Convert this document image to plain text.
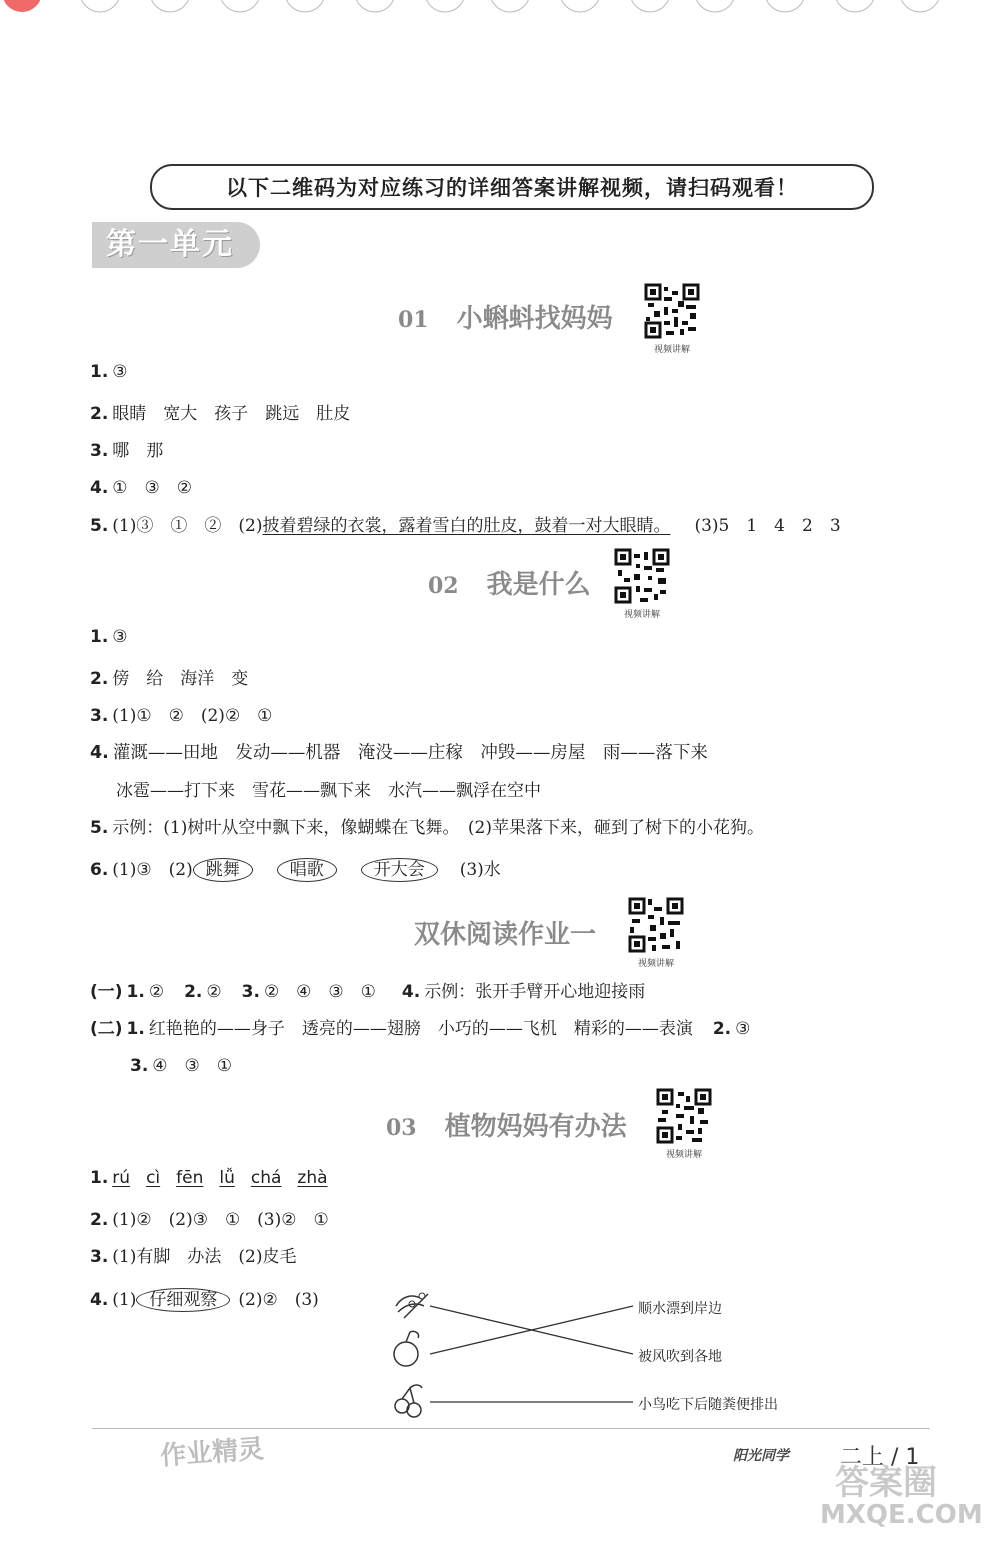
以下二维码为对应练习的详细答案讲解视频，请扫码观看！
第一单元
01 小蝌蚪找妈妈
视频讲解
1. ③
2. 眼睛　宽大　孩子　跳远　肚皮
3. 哪　那
4. ①　③　②
5. (1)③　①　②　(2)披着碧绿的衣裳，露着雪白的肚皮，鼓着一对大眼睛。 (3)5　1　4　2　3
02 我是什么
视频讲解
1. ③
2. 傍　给　海洋　变
3. (1)①　②　(2)②　①
4. 灌溉——田地　发动——机器　淹没——庄稼　冲毁——房屋　雨——落下来
冰雹——打下来　雪花——飘下来　水汽——飘浮在空中
5. 示例：(1)树叶从空中飘下来，像蝴蝶在飞舞。　(2)苹果落下来，砸到了树下的小花狗。
6. (1)③　(2) 跳舞	唱歌	开大会 (3)水
双休阅读作业一
视频讲解
(一) 1. ② 2. ② 3. ②　④　③　① 4. 示例：张开手臂开心地迎接雨
(二) 1. 红艳艳的——身子　透亮的——翅膀　小巧的——飞机　精彩的——表演 2. ③
3. ④　③　①
03 植物妈妈有办法
视频讲解
1. rú cì fēn lǚ chá zhà
2. (1)②　(2)③　①　(3)②　①
3. (1)有脚　办法　(2)皮毛
4. (1) 仔细观察 (2)②　(3)	顺水漂到岸边
被风吹到各地
小鸟吃下后随粪便排出
阳光同学 二上 / 1
作业精灵
答案圈
MXQE.COM
